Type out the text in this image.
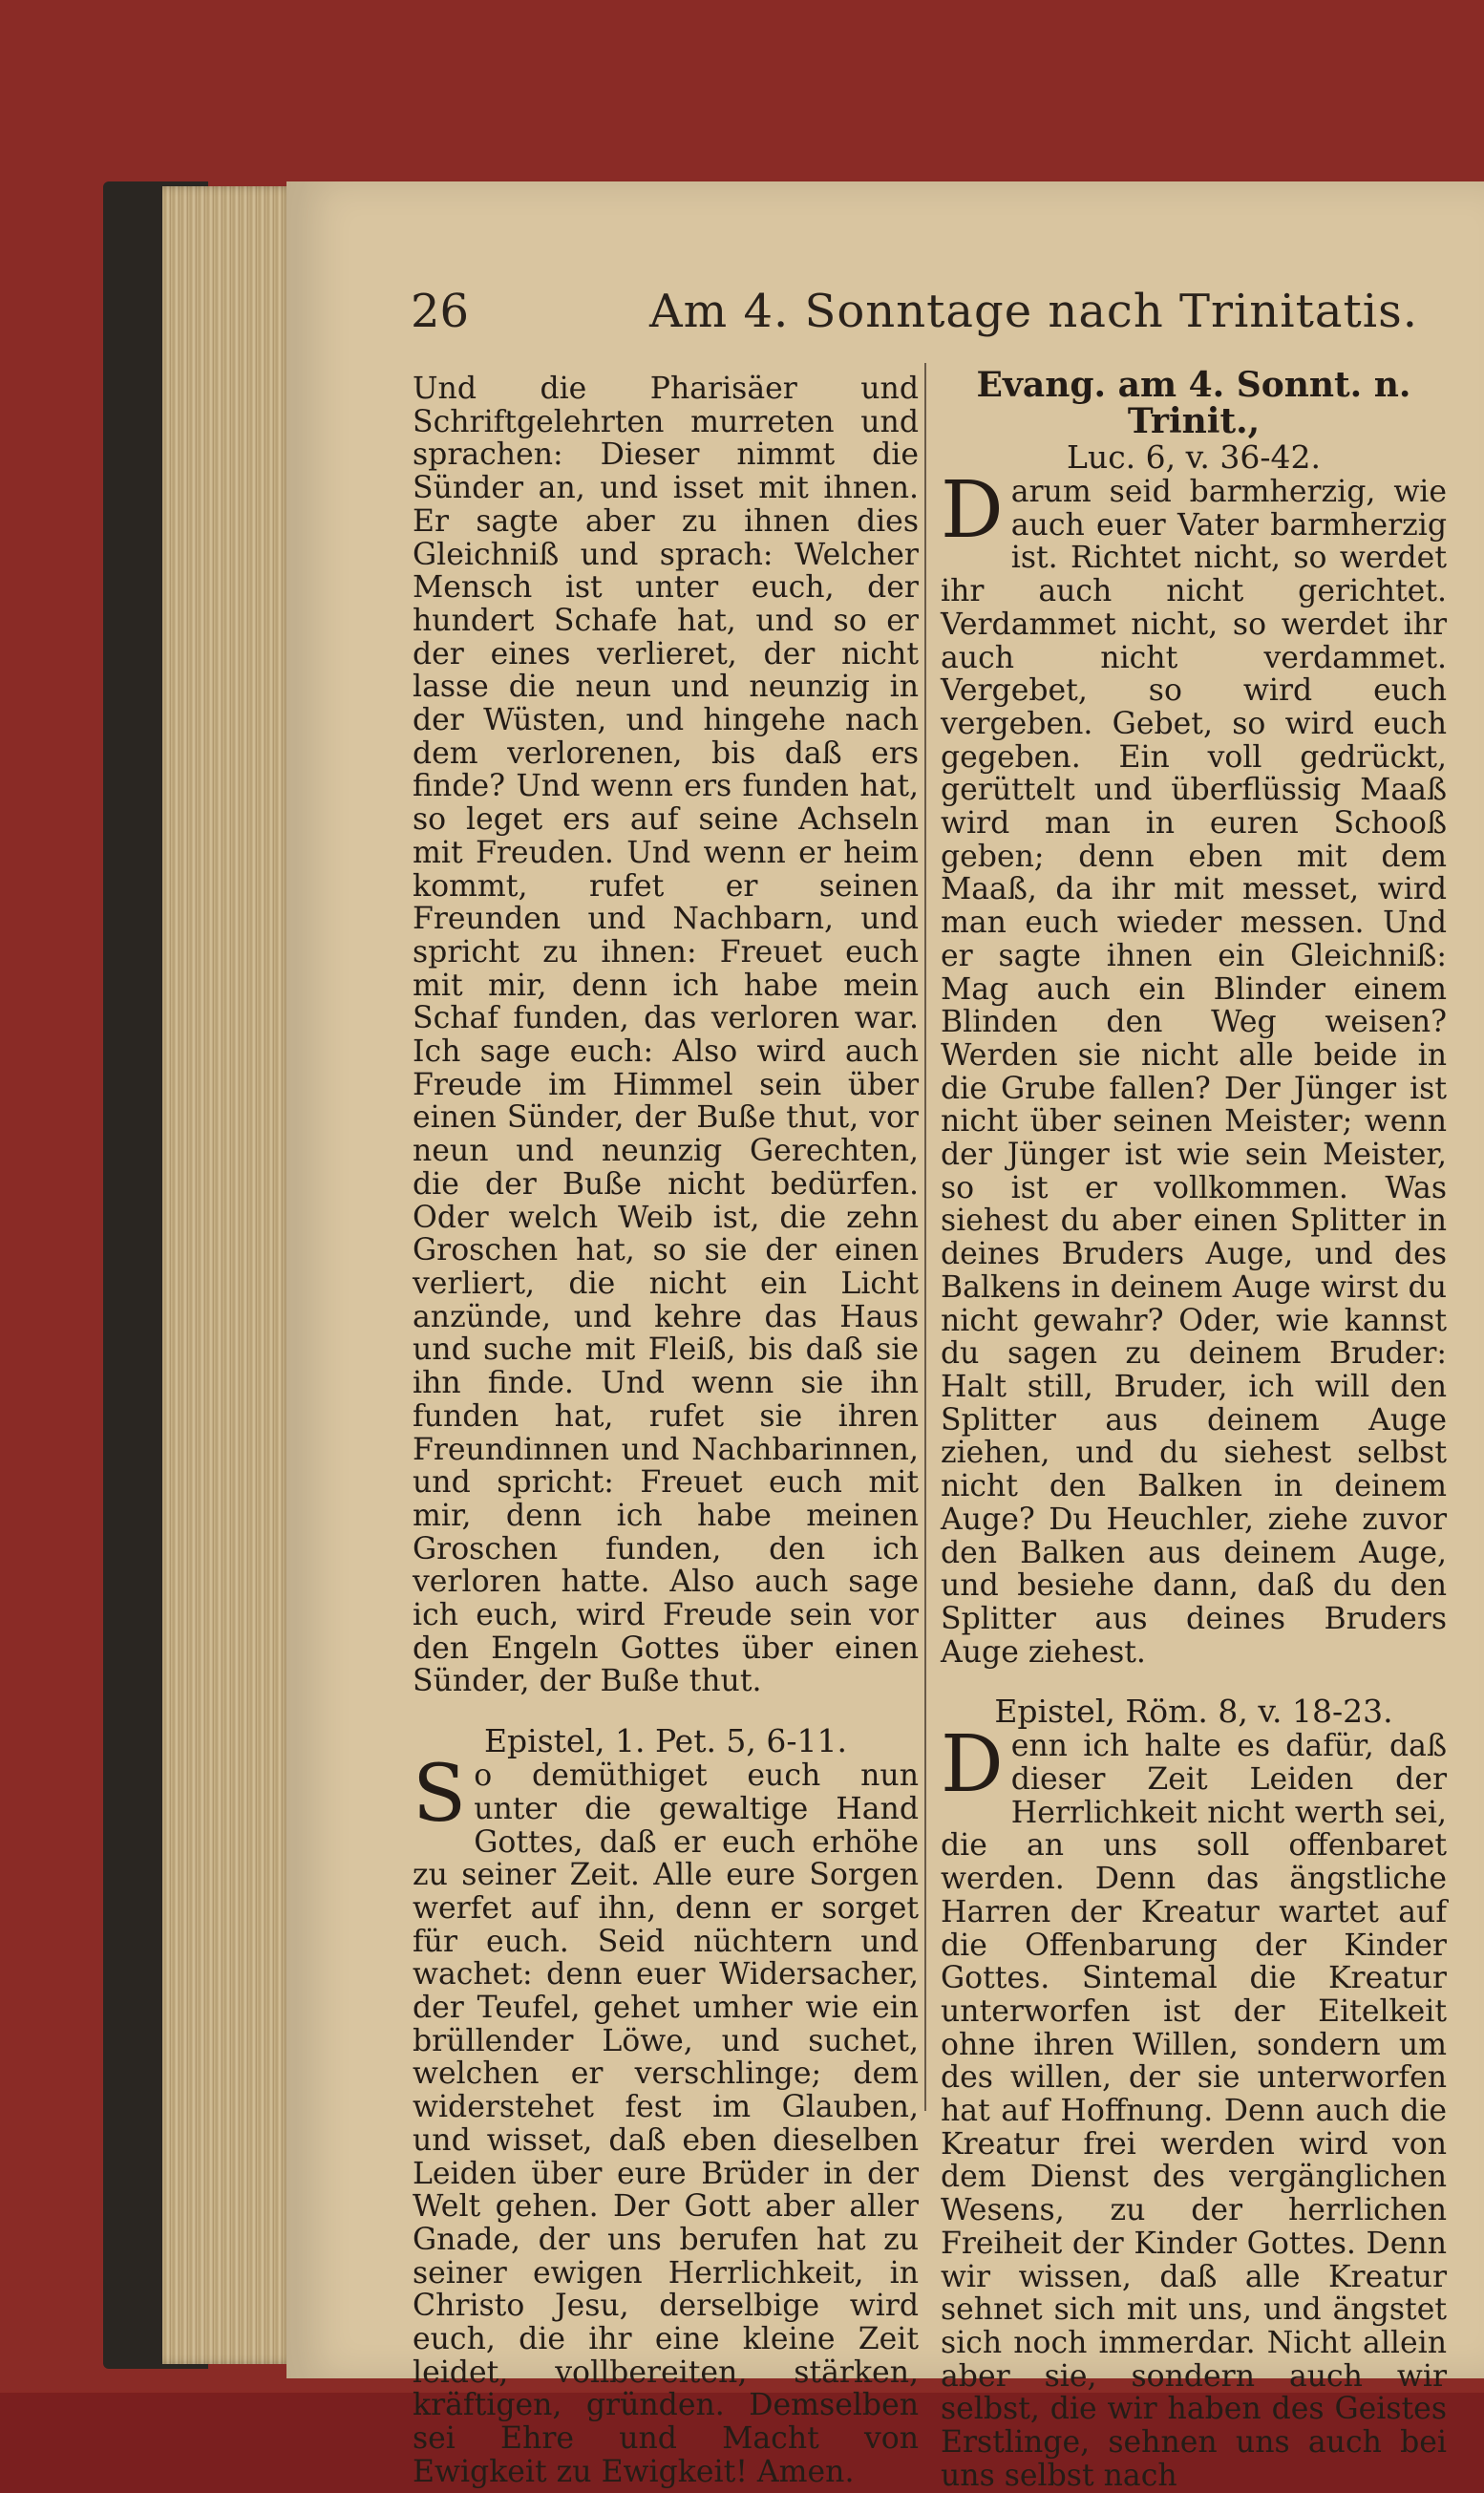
26	Am 4. Sonntage nach Trinitatis.

Und die Pharisäer und Schriftgelehrten murreten und sprachen: Dieser nimmt die Sünder an, und isset mit ihnen. Er sagte aber zu ihnen dies Gleichniß und sprach: Welcher Mensch ist unter euch, der hundert Schafe hat, und so er der eines verlieret, der nicht lasse die neun und neunzig in der Wüsten, und hingehe nach dem verlorenen, bis daß ers finde? Und wenn ers funden hat, so leget ers auf seine Achseln mit Freuden. Und wenn er heim kommt, rufet er seinen Freunden und Nachbarn, und spricht zu ihnen: Freuet euch mit mir, denn ich habe mein Schaf funden, das verloren war. Ich sage euch: Also wird auch Freude im Himmel sein über einen Sünder, der Buße thut, vor neun und neunzig Gerechten, die der Buße nicht bedürfen. Oder welch Weib ist, die zehn Groschen hat, so sie der einen verliert, die nicht ein Licht anzünde, und kehre das Haus und suche mit Fleiß, bis daß sie ihn finde. Und wenn sie ihn funden hat, rufet sie ihren Freundinnen und Nachbarinnen, und spricht: Freuet euch mit mir, denn ich habe meinen Groschen funden, den ich verloren hatte. Also auch sage ich euch, wird Freude sein vor den Engeln Gottes über einen Sünder, der Buße thut.

Epistel, 1. Pet. 5, 6-11.

So demüthiget euch nun unter die gewaltige Hand Gottes, daß er euch erhöhe zu seiner Zeit. Alle eure Sorgen werfet auf ihn, denn er sorget für euch. Seid nüchtern und wachet: denn euer Widersacher, der Teufel, gehet umher wie ein brüllender Löwe, und suchet, welchen er verschlinge; dem widerstehet fest im Glauben, und wisset, daß eben dieselben Leiden über eure Brüder in der Welt gehen. Der Gott aber aller Gnade, der uns berufen hat zu seiner ewigen Herrlichkeit, in Christo Jesu, derselbige wird euch, die ihr eine kleine Zeit leidet, vollbereiten, stärken, kräftigen, gründen. Demselben sei Ehre und Macht von Ewigkeit zu Ewigkeit! Amen.

Evang. am 4. Sonnt. n. Trinit.,

Luc. 6, v. 36-42.

Darum seid barmherzig, wie auch euer Vater barmherzig ist. Richtet nicht, so werdet ihr auch nicht gerichtet. Verdammet nicht, so werdet ihr auch nicht verdammet. Vergebet, so wird euch vergeben. Gebet, so wird euch gegeben. Ein voll gedrückt, gerüttelt und überflüssig Maaß wird man in euren Schooß geben; denn eben mit dem Maaß, da ihr mit messet, wird man euch wieder messen. Und er sagte ihnen ein Gleichniß: Mag auch ein Blinder einem Blinden den Weg weisen? Werden sie nicht alle beide in die Grube fallen? Der Jünger ist nicht über seinen Meister; wenn der Jünger ist wie sein Meister, so ist er vollkommen. Was siehest du aber einen Splitter in deines Bruders Auge, und des Balkens in deinem Auge wirst du nicht gewahr? Oder, wie kannst du sagen zu deinem Bruder: Halt still, Bruder, ich will den Splitter aus deinem Auge ziehen, und du siehest selbst nicht den Balken in deinem Auge? Du Heuchler, ziehe zuvor den Balken aus deinem Auge, und besiehe dann, daß du den Splitter aus deines Bruders Auge ziehest.

Epistel, Röm. 8, v. 18-23.

Denn ich halte es dafür, daß dieser Zeit Leiden der Herrlichkeit nicht werth sei, die an uns soll offenbaret werden. Denn das ängstliche Harren der Kreatur wartet auf die Offenbarung der Kinder Gottes. Sintemal die Kreatur unterworfen ist der Eitelkeit ohne ihren Willen, sondern um des willen, der sie unterworfen hat auf Hoffnung. Denn auch die Kreatur frei werden wird von dem Dienst des vergänglichen Wesens, zu der herrlichen Freiheit der Kinder Gottes. Denn wir wissen, daß alle Kreatur sehnet sich mit uns, und ängstet sich noch immerdar. Nicht allein aber sie, sondern auch wir selbst, die wir haben des Geistes Erstlinge, sehnen uns auch bei uns selbst nach
